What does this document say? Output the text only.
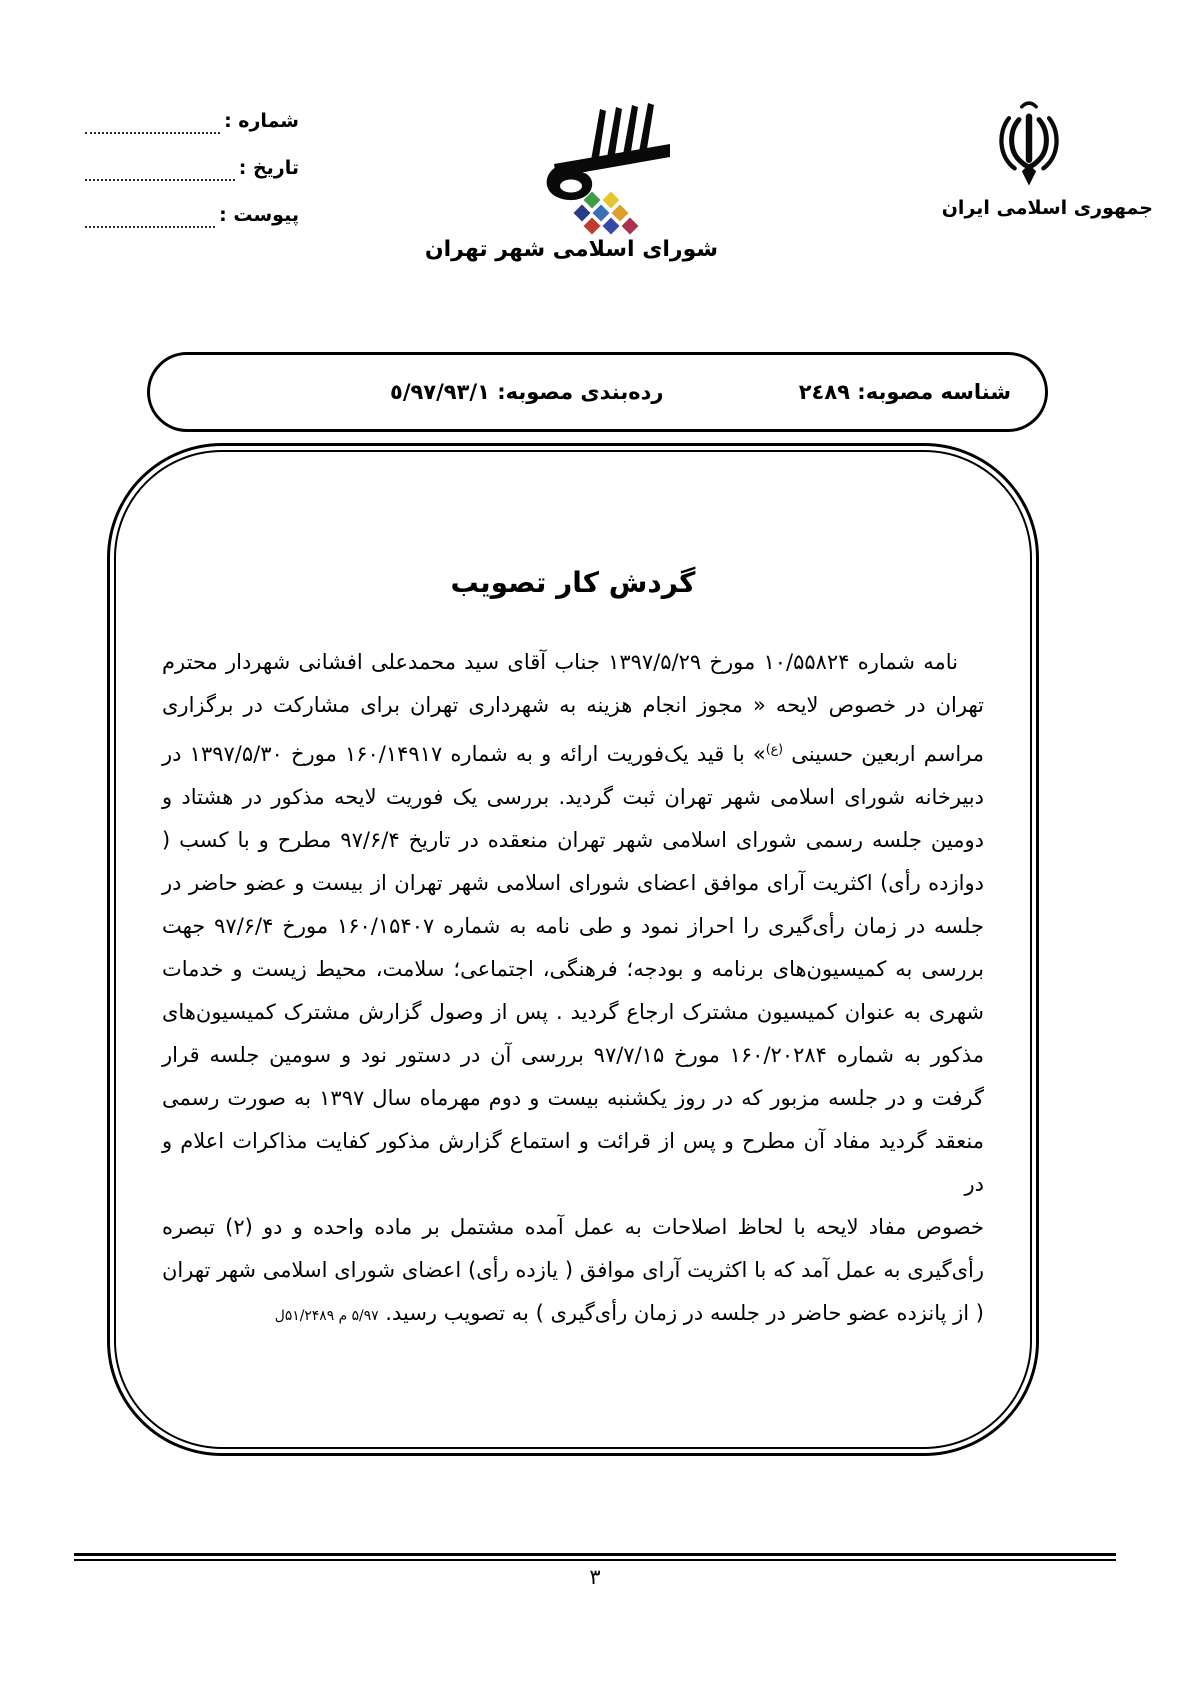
شماره :
تاریخ :
پیوست :
شورای اسلامی شهر تهران
جمهوری اسلامی ایران
شناسه مصوبه: ٢٤٨٩
رده‌بندی مصوبه: ٥/٩٧/٩٣/١
گردش کار تصویب
نامه شماره ۱۰/۵۵۸۲۴ مورخ ۱۳۹۷/۵/۲۹ جناب آقای سید محمدعلی افشانی شهردار محترم
تهران در خصوص لایحه « مجوز انجام هزینه به شهرداری تهران برای مشارکت در برگزاری
مراسم اربعین حسینی $^{(ع)}$» با قید یک‌فوریت ارائه و به شماره ۱۶۰/۱۴۹۱۷ مورخ ۱۳۹۷/۵/۳۰ در
دبیرخانه شورای اسلامی شهر تهران ثبت گردید. بررسی یک فوریت لایحه مذکور در هشتاد و
دومین جلسه رسمی شورای اسلامی شهر تهران منعقده در تاریخ ۹۷/۶/۴ مطرح و با کسب (
دوازده رأی) اکثریت آرای موافق اعضای شورای اسلامی شهر تهران از بیست و عضو حاضر در
جلسه در زمان رأی‌گیری را احراز نمود و طی نامه به شماره ۱۶۰/۱۵۴۰۷ مورخ ۹۷/۶/۴ جهت
بررسی به کمیسیون‌های برنامه و بودجه؛ فرهنگی، اجتماعی؛ سلامت، محیط زیست و خدمات
شهری به عنوان کمیسیون مشترک ارجاع گردید . پس از وصول گزارش مشترک کمیسیون‌های
مذکور به شماره ۱۶۰/۲۰۲۸۴ مورخ ۹۷/۷/۱۵ بررسی آن در دستور نود و سومین جلسه قرار
گرفت و در جلسه مزبور که در روز یکشنبه بیست و دوم مهرماه سال ۱۳۹۷ به صورت رسمی
منعقد گردید مفاد آن مطرح و پس از قرائت و استماع گزارش مذکور کفایت مذاکرات اعلام و در
خصوص مفاد لایحه با لحاظ اصلاحات به عمل آمده مشتمل بر ماده واحده و دو (۲) تبصره
رأی‌گیری به عمل آمد که با اکثریت آرای موافق ( یازده رأی) اعضای شورای اسلامی شهر تهران
( از پانزده عضو حاضر در جلسه در زمان رأی‌گیری ) به تصویب رسید. ۵/۹۷ م ۵۱/۲۴۸۹ل
۳
